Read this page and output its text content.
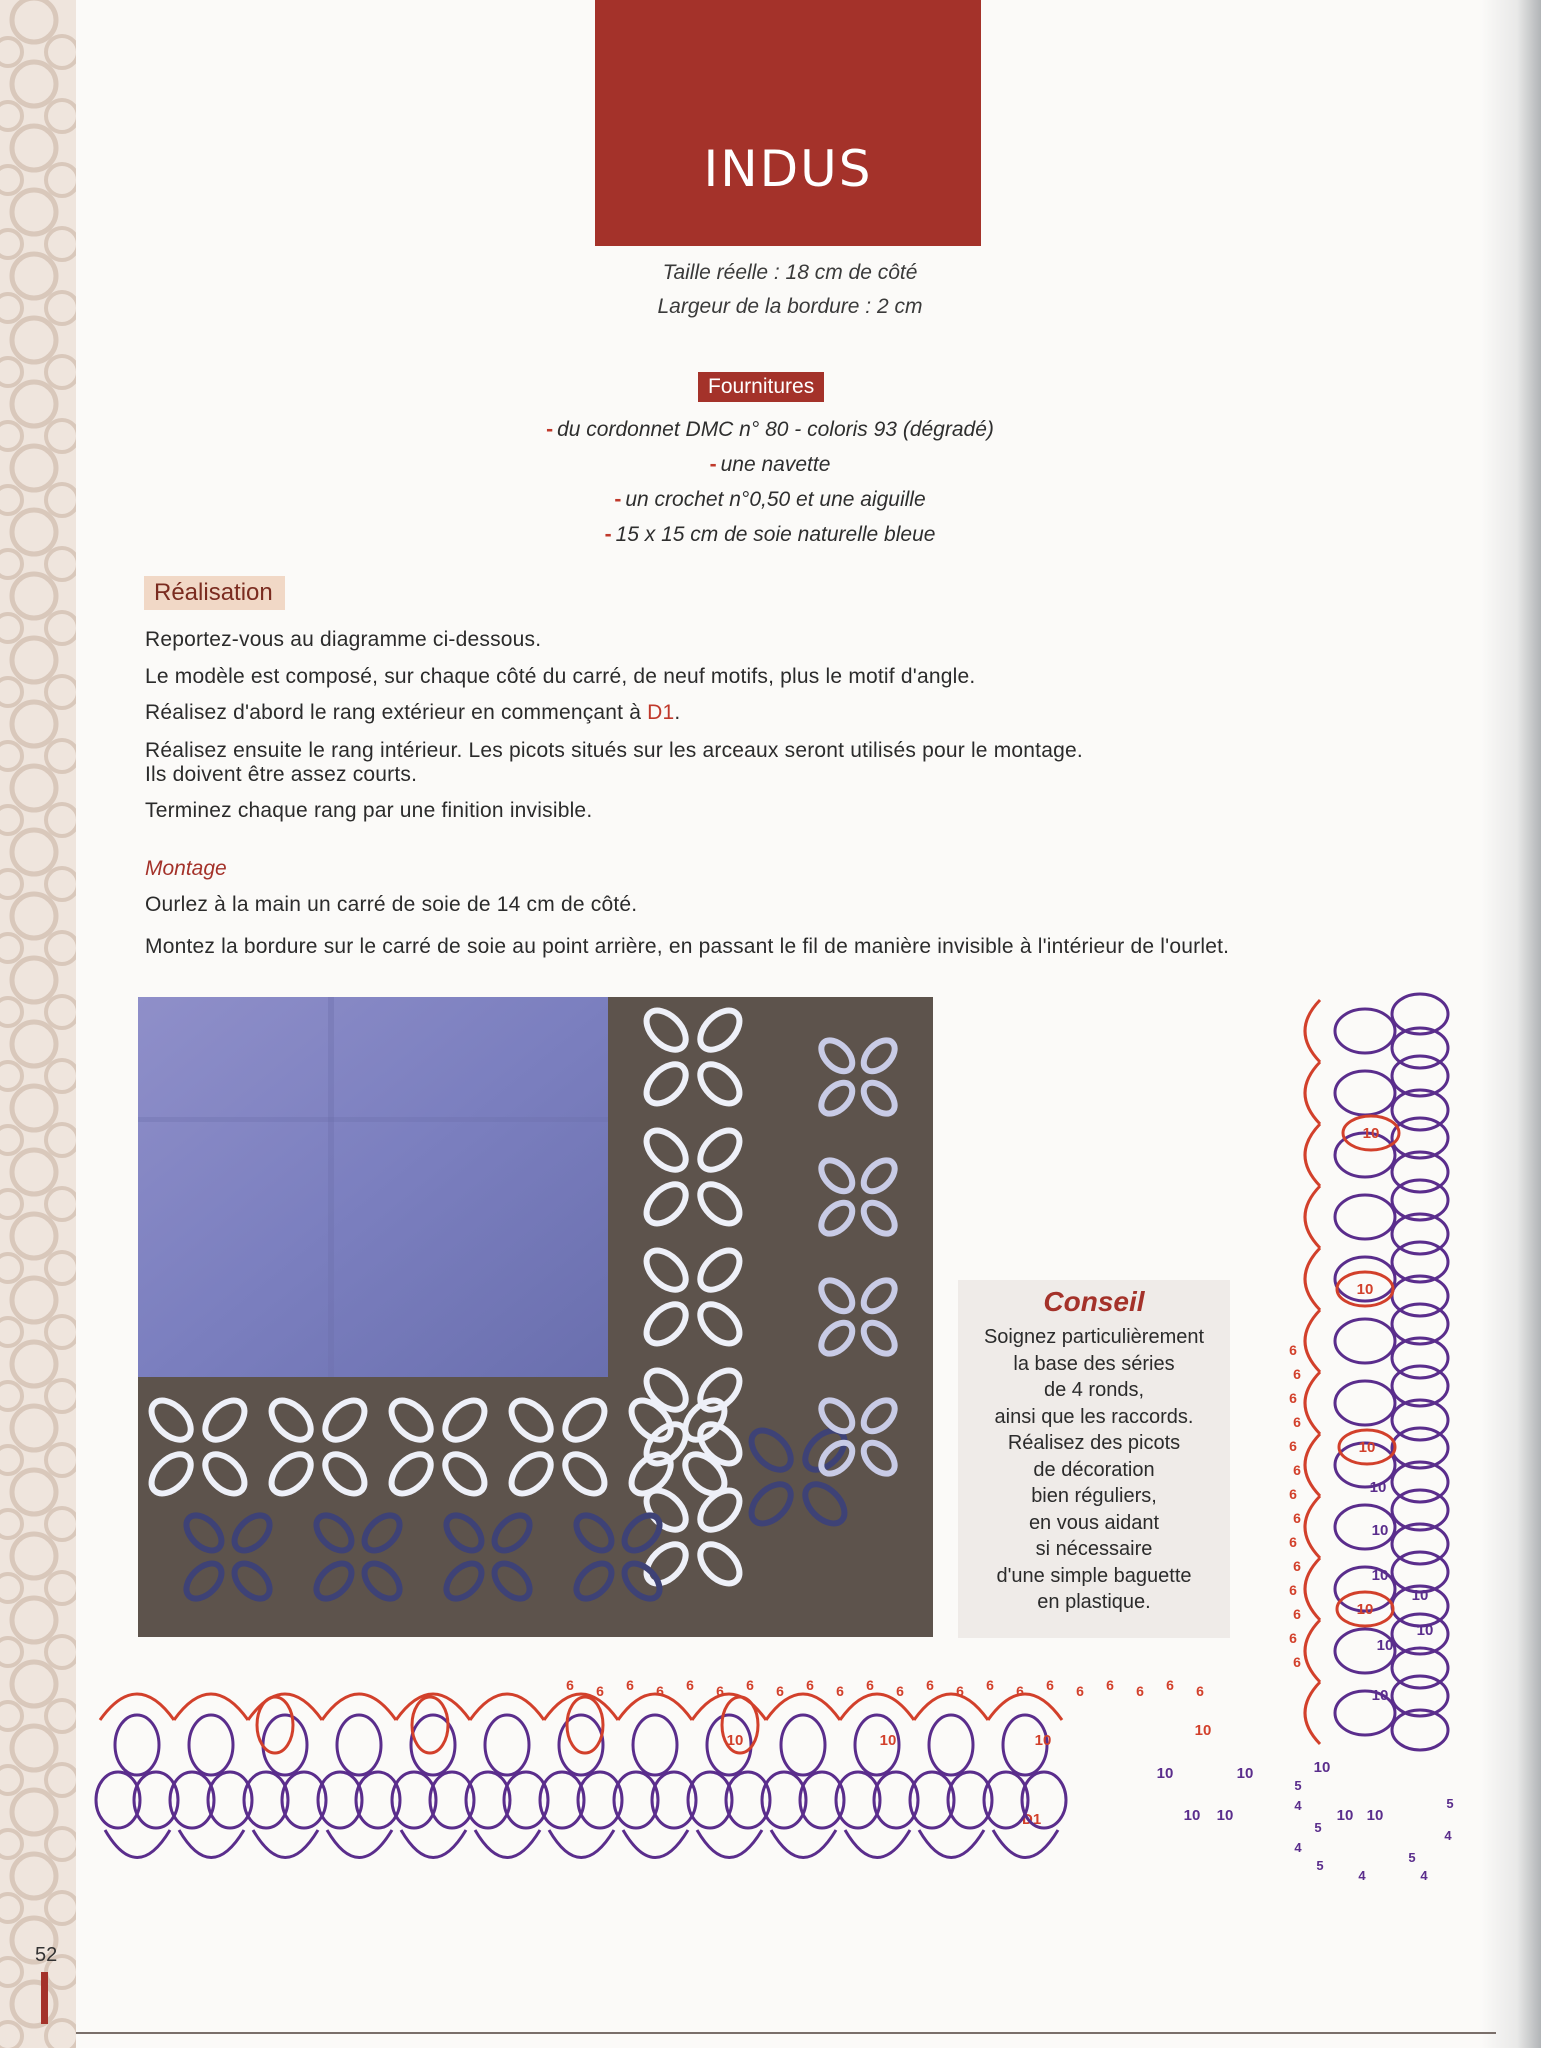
INDUS
Taille réelle : 18 cm de côté
Largeur de la bordure : 2 cm
Fournitures
- du cordonnet DMC n° 80 - coloris 93 (dégradé)
- une navette
- un crochet n°0,50 et une aiguille
- 15 x 15 cm de soie naturelle bleue
Réalisation
Reportez-vous au diagramme ci-dessous.
Le modèle est composé, sur chaque côté du carré, de neuf motifs, plus le motif d'angle.
Réalisez d'abord le rang extérieur en commençant à D1.
Réalisez ensuite le rang intérieur. Les picots situés sur les arceaux seront utilisés pour le montage.
Ils doivent être assez courts.
Terminez chaque rang par une finition invisible.
Montage
Ourlez à la main un carré de soie de 14 cm de côté.
Montez la bordure sur le carré de soie au point arrière, en passant le fil de manière invisible à l'intérieur de l'ourlet.
Conseil
Soignez particulièrement
la base des séries
de 4 ronds,
ainsi que les raccords.
Réalisez des picots
de décoration
bien réguliers,
en vous aidant
si nécessaire
d'une simple baguette
en plastique.
D1
10	10	10
10
6 6 6 6 6 6 6 6 6 6 6 6 6 6 6 6 6 6 6 6 6 6
10	10
10 10
10
10 10
5
4
5
4
5
4
5
4
5
4
10
10
10
10
6
6
6
6
6
6
6
6
6
6
6
6
6
6
10
10
10
10
10
10
10
52
